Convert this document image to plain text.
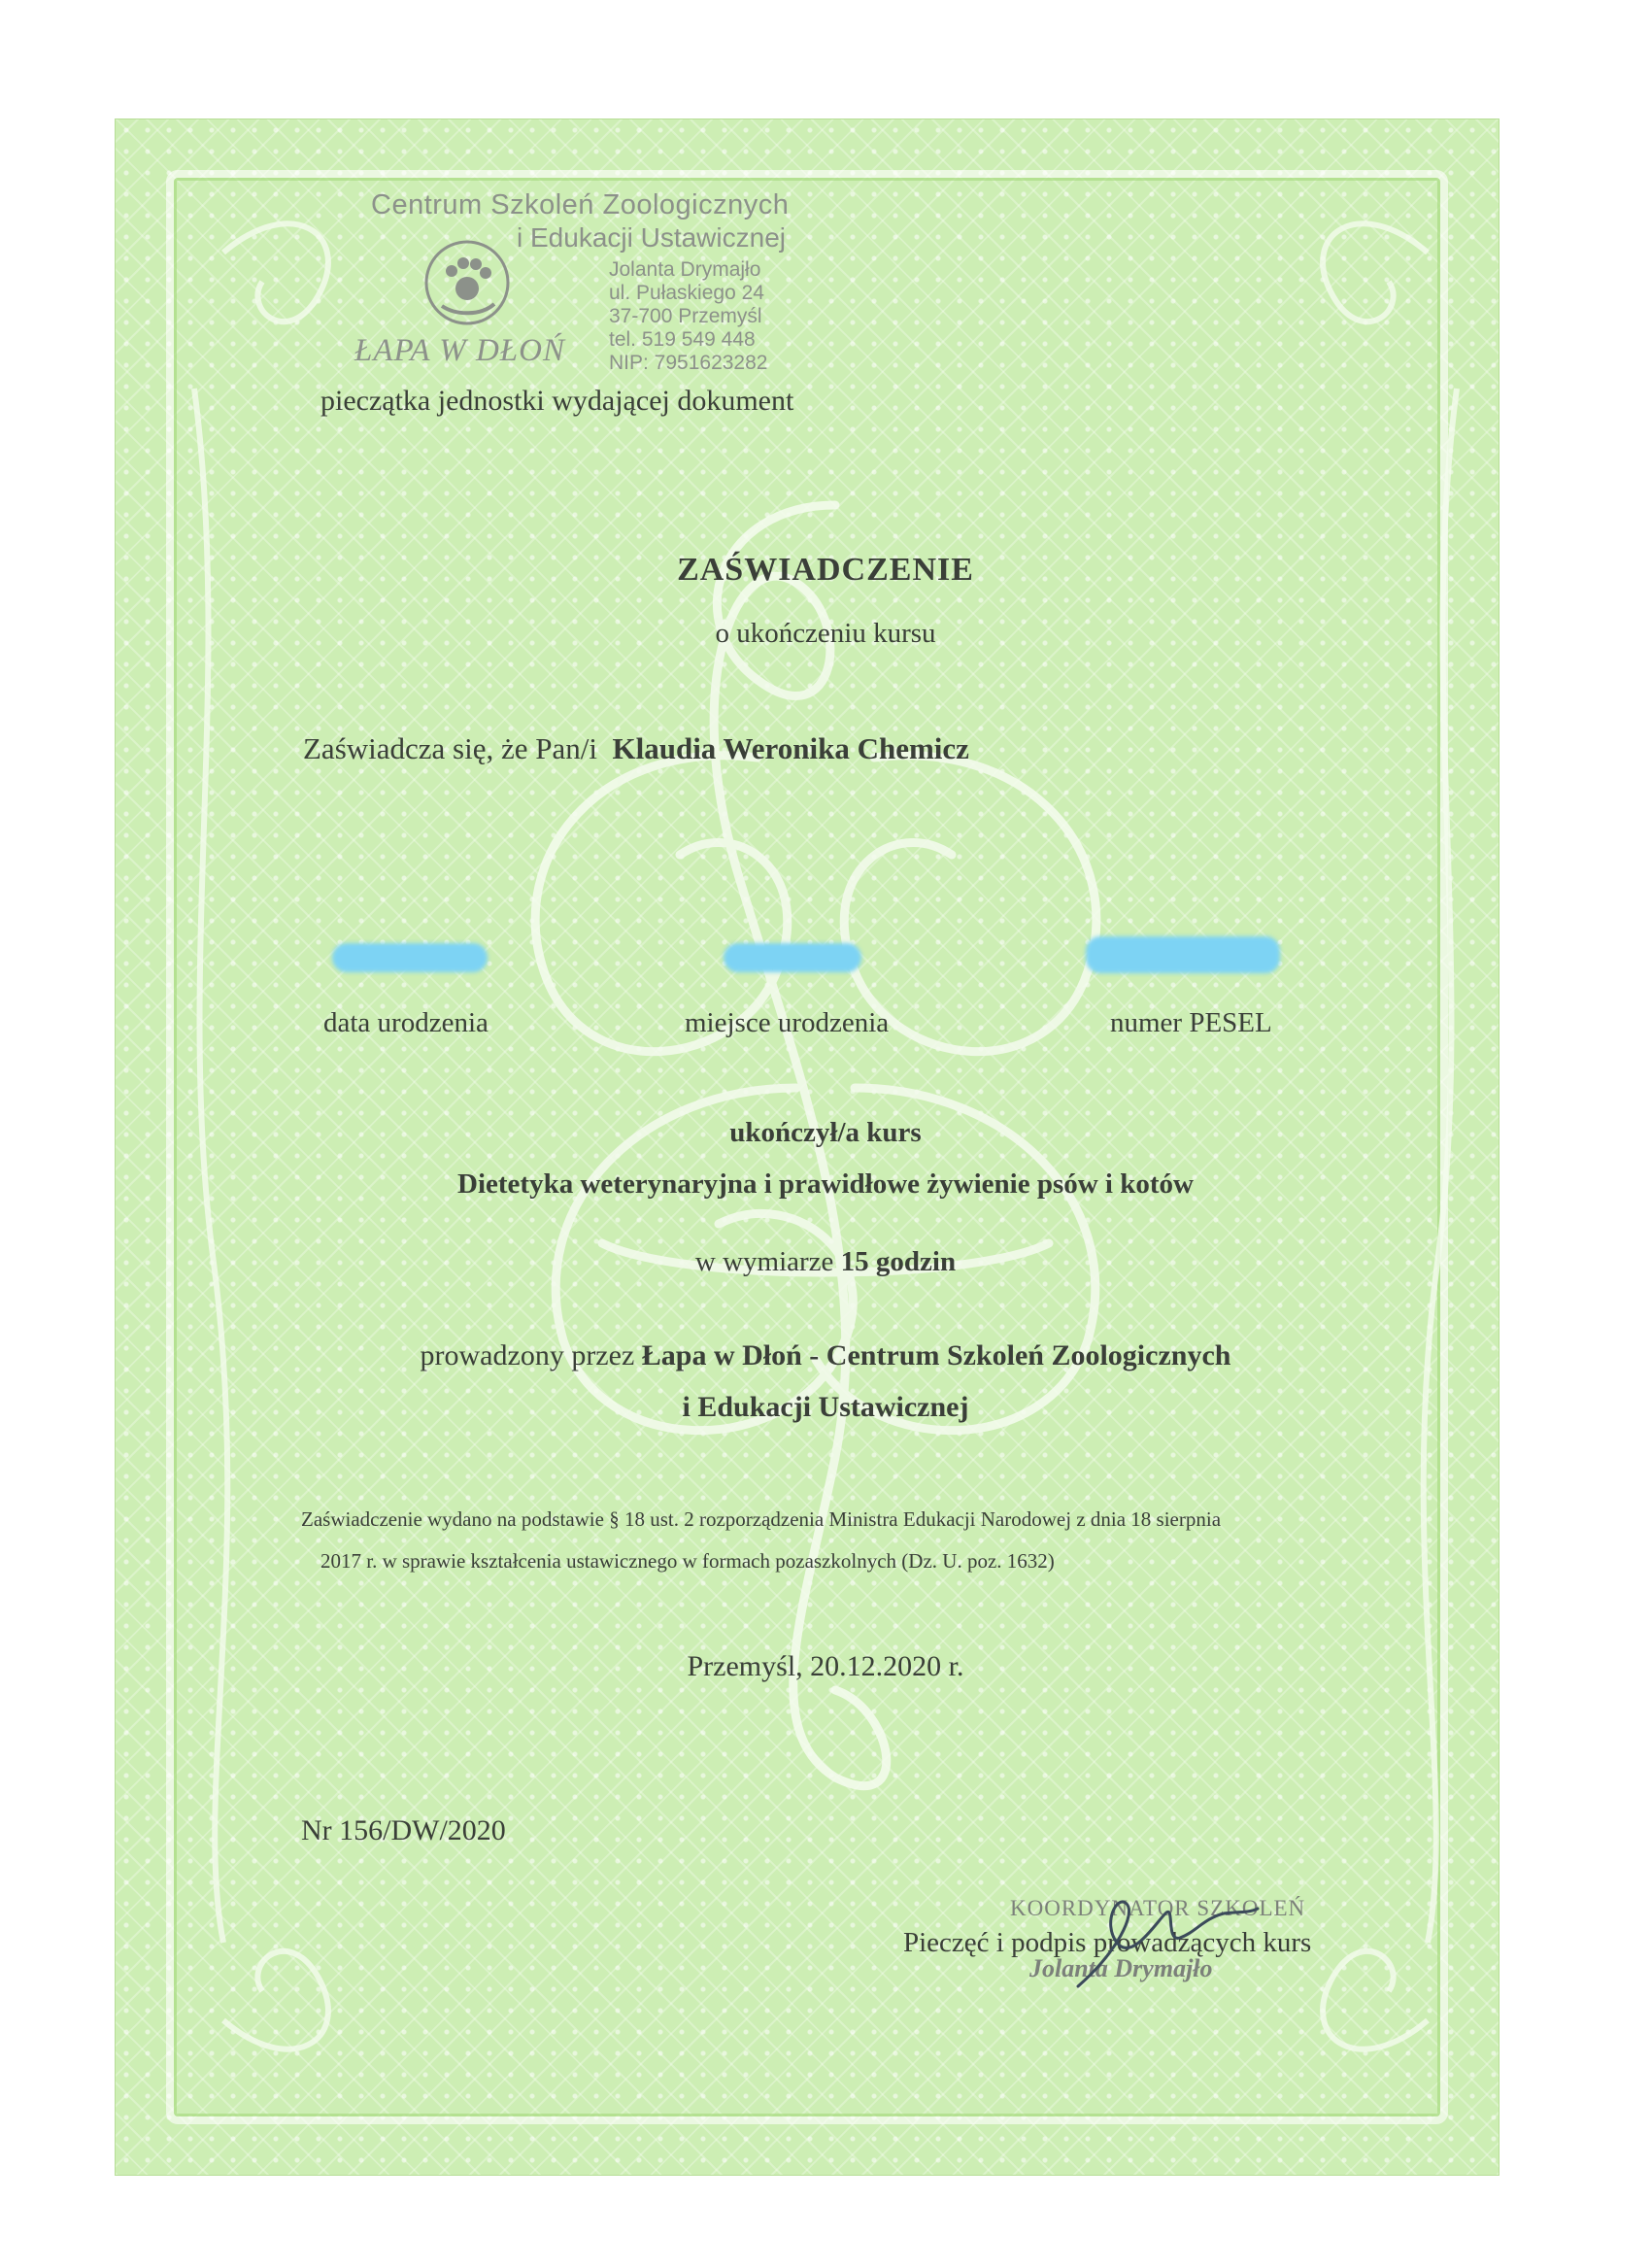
Centrum Szkoleń Zoologicznych
i Edukacji Ustawicznej
Jolanta Drymajło
ul. Pułaskiego 24
37-700 Przemyśl
tel. 519 549 448
NIP: 7951623282
ŁAPA W DŁOŃ
pieczątka jednostki wydającej dokument
ZAŚWIADCZENIE
o ukończeniu kursu
Zaświadcza się, że Pan/i Klaudia Weronika Chemicz
data urodzenia	miejsce urodzenia	numer PESEL
ukończył/a kurs
Dietetyka weterynaryjna i prawidłowe żywienie psów i kotów
w wymiarze 15 godzin
prowadzony przez Łapa w Dłoń - Centrum Szkoleń Zoologicznych
i Edukacji Ustawicznej
Zaświadczenie wydano na podstawie § 18 ust. 2 rozporządzenia Ministra Edukacji Narodowej z dnia 18 sierpnia
2017 r. w sprawie kształcenia ustawicznego w formach pozaszkolnych (Dz. U. poz. 1632)
Przemyśl, 20.12.2020 r.
Nr 156/DW/2020
KOORDYNATOR SZKOLEŃ
Jolanta Drymajło
Pieczęć i podpis prowadzących kurs
